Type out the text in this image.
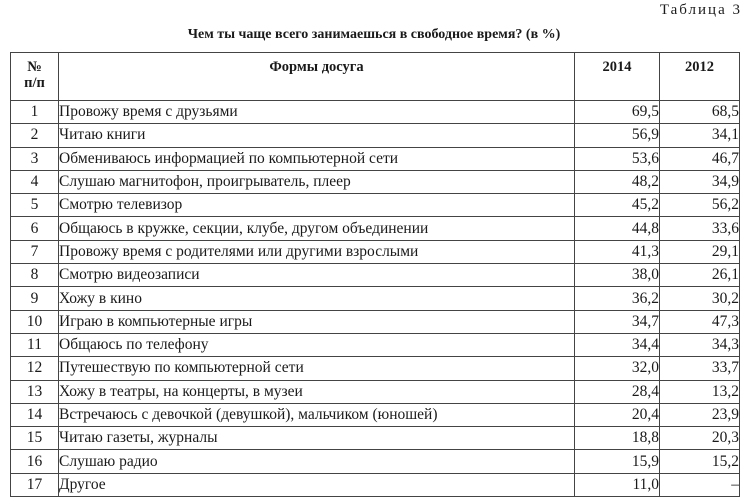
Таблица 3
Чем ты чаще всего занимаешься в свободное время? (в %)
№
п/п	Формы досуга	2014	2012
1	Провожу время с друзьями	69,5	68,5
2	Читаю книги	56,9	34,1
3	Обмениваюсь информацией по компьютерной сети	53,6	46,7
4	Слушаю магнитофон, проигрыватель, плеер	48,2	34,9
5	Смотрю телевизор	45,2	56,2
6	Общаюсь в кружке, секции, клубе, другом объединении	44,8	33,6
7	Провожу время с родителями или другими взрослыми	41,3	29,1
8	Смотрю видеозаписи	38,0	26,1
9	Хожу в кино	36,2	30,2
10	Играю в компьютерные игры	34,7	47,3
11	Общаюсь по телефону	34,4	34,3
12	Путешествую по компьютерной сети	32,0	33,7
13	Хожу в театры, на концерты, в музеи	28,4	13,2
14	Встречаюсь с девочкой (девушкой), мальчиком (юношей)	20,4	23,9
15	Читаю газеты, журналы	18,8	20,3
16	Слушаю радио	15,9	15,2
17	Другое	11,0	–
